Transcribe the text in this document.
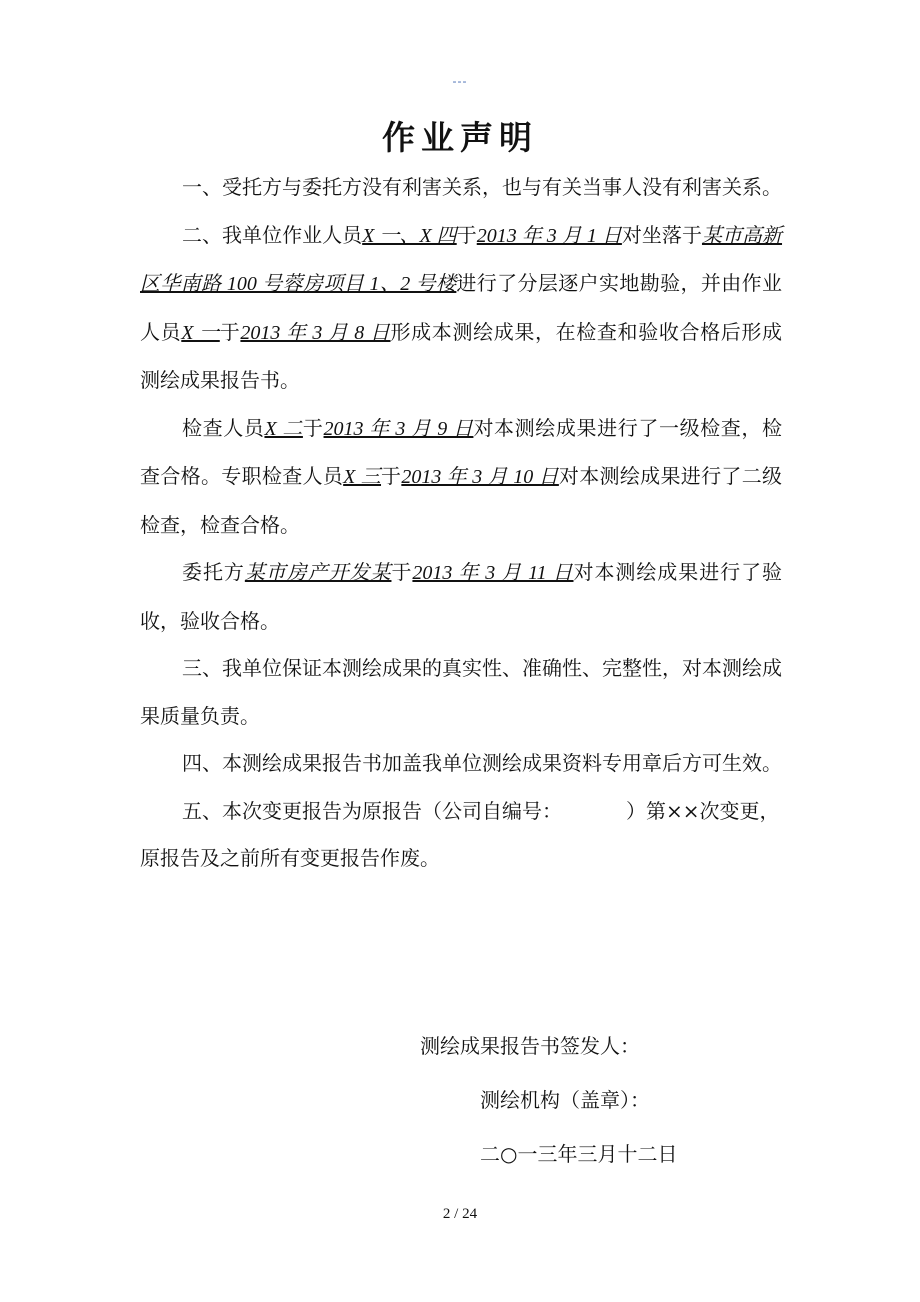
---
作业声明

一、受托方与委托方没有利害关系，也与有关当事人没有利害关系。

二、我单位作业人员X 一、X 四于2013 年 3 月 1 日对坐落于某市高新区华南路 100 号蓉房项目 1、2 号楼进行了分层逐户实地勘验，并由作业人员X 一于2013 年 3 月 8 日形成本测绘成果，在检查和验收合格后形成测绘成果报告书。

检查人员X 二于2013 年 3 月 9 日对本测绘成果进行了一级检查，检查合格。专职检查人员X 三于2013 年 3 月 10 日对本测绘成果进行了二级检查，检查合格。

委托方某市房产开发某于2013 年 3 月 11 日对本测绘成果进行了验收，验收合格。

三、我单位保证本测绘成果的真实性、准确性、完整性，对本测绘成果质量负责。

四、本测绘成果报告书加盖我单位测绘成果资料专用章后方可生效。

五、本次变更报告为原报告（公司自编号：	）第××次变更，原报告及之前所有变更报告作废。

测绘成果报告书签发人：
测绘机构（盖章）：
二○一三年三月十二日
2 / 24
